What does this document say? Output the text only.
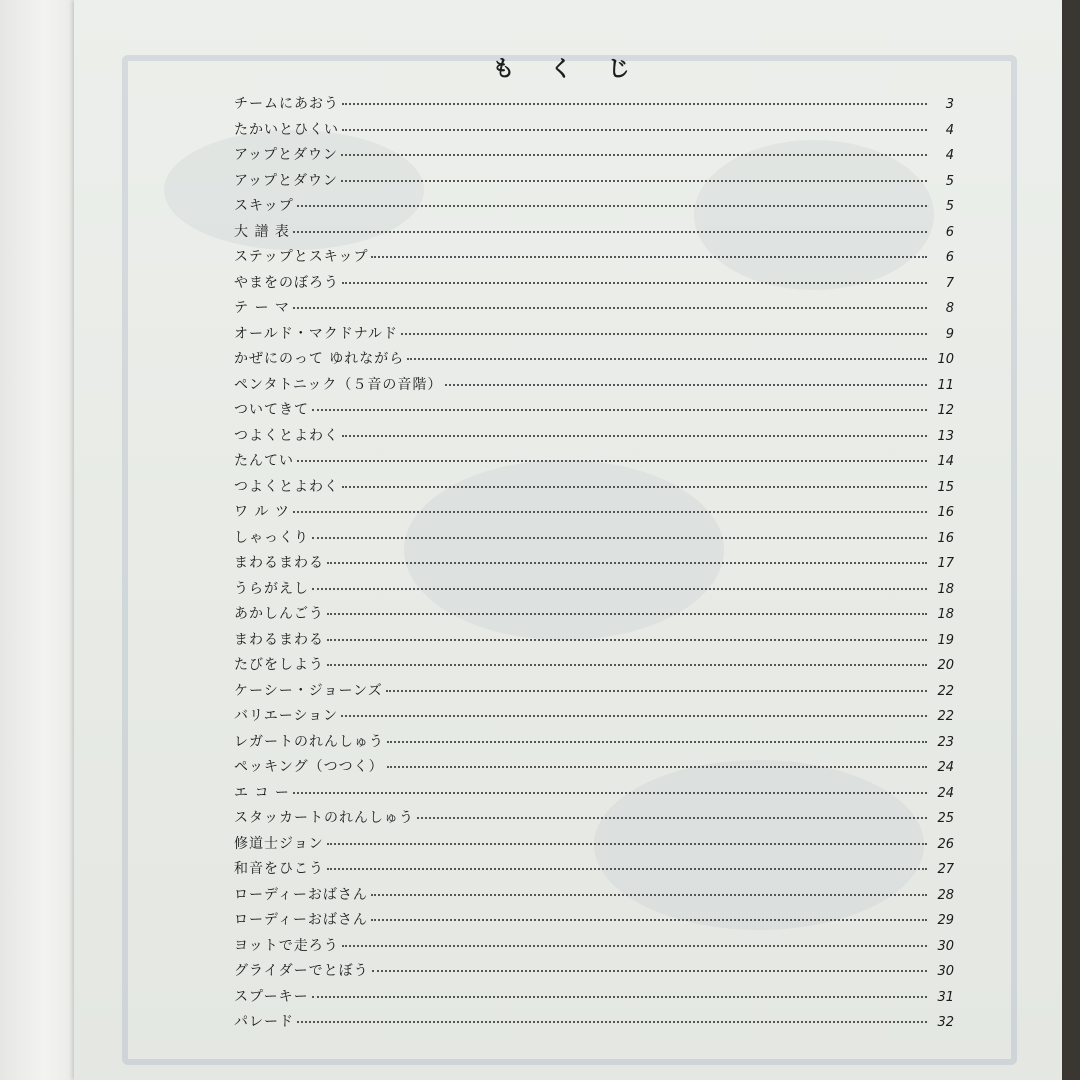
も く じ
チームにあおう	3
たかいとひくい	4
アップとダウン	4
アップとダウン	5
スキップ	5
大 譜 表	6
ステップとスキップ	6
やまをのぼろう	7
テ ー マ	8
オールド・マクドナルド	9
かぜにのって ゆれながら	10
ペンタトニック（５音の音階）	11
ついてきて	12
つよくとよわく	13
たんてい	14
つよくとよわく	15
ワ ル ツ	16
しゃっくり	16
まわるまわる	17
うらがえし	18
あかしんごう	18
まわるまわる	19
たびをしよう	20
ケーシー・ジョーンズ	22
バリエーション	22
レガートのれんしゅう	23
ペッキング（つつく）	24
エ コ ー	24
スタッカートのれんしゅう	25
修道士ジョン	26
和音をひこう	27
ローディーおばさん	28
ローディーおばさん	29
ヨットで走ろう	30
グライダーでとぼう	30
スプーキー	31
パレード	32
